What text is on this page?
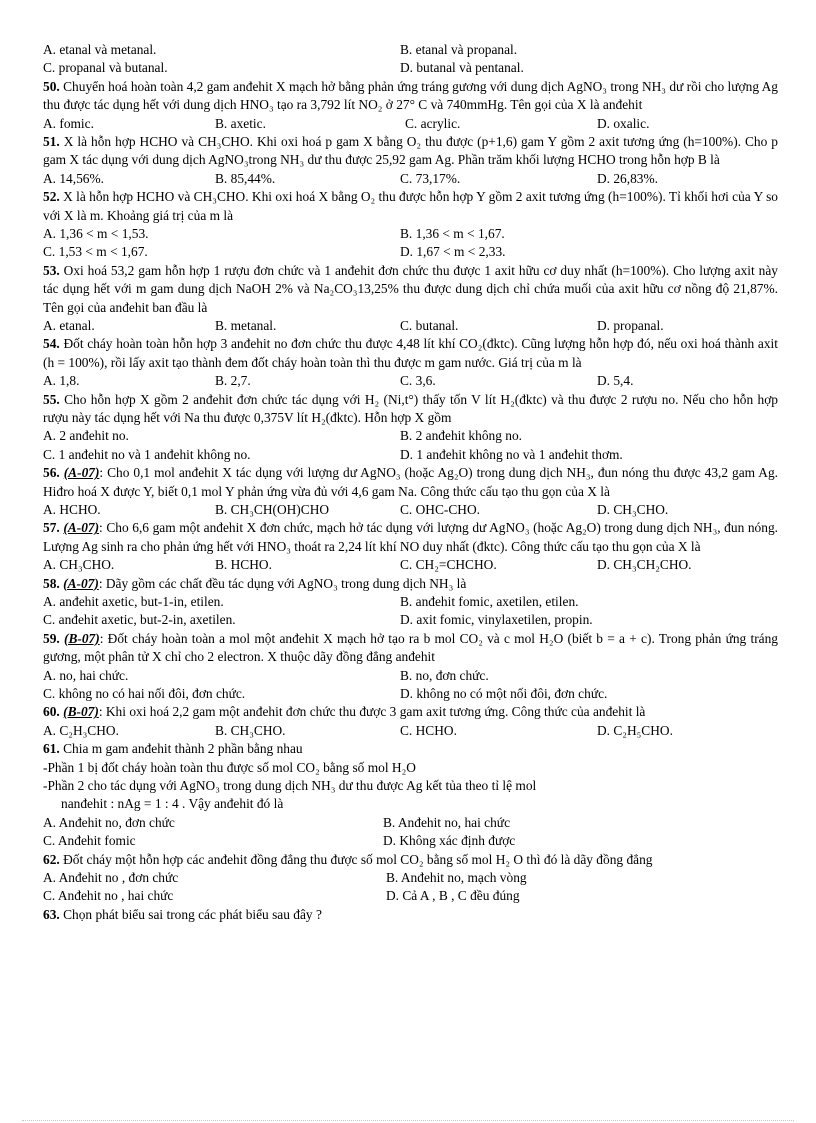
A. etanal và metanal.	B. etanal và propanal.
C. propanal và butanal.	D. butanal và pentanal.
50. Chuyển hoá hoàn toàn 4,2 gam anđehit X mạch hở bằng phản ứng tráng gương với dung dịch AgNO₃ trong NH₃ dư rồi cho lượng Ag thu được tác dụng hết với dung dịch HNO₃ tạo ra 3,792 lít NO₂ ở 27° C và 740mmHg. Tên gọi của X là anđehit
A. fomic.	B. axetic.	C. acrylic.	D. oxalic.
51. X là hỗn hợp HCHO và CH₃CHO. Khi oxi hoá p gam X bằng O₂ thu được (p+1,6) gam Y gồm 2 axit tương ứng (h=100%). Cho p gam X tác dụng với dung dịch AgNO₃trong NH₃ dư thu được 25,92 gam Ag. Phần trăm khối lượng HCHO trong hỗn hợp B là
A. 14,56%.	B. 85,44%.	C. 73,17%.	D. 26,83%.
52. X là hỗn hợp HCHO và CH₃CHO. Khi oxi hoá X bằng O₂ thu được hỗn hợp Y gồm 2 axit tương ứng (h=100%). Tỉ khối hơi của Y so với X là m. Khoảng giá trị của m là
A. 1,36 < m < 1,53.	B. 1,36 < m < 1,67.
C. 1,53 < m < 1,67.	D. 1,67 < m < 2,33.
53. Oxi hoá 53,2 gam hỗn hợp 1 rượu đơn chức và 1 anđehit đơn chức thu được 1 axit hữu cơ duy nhất (h=100%). Cho lượng axit này tác dụng hết với m gam dung dịch NaOH 2% và Na₂CO₃13,25% thu được dung dịch chỉ chứa muối của axit hữu cơ nồng độ 21,87%. Tên gọi của anđehit ban đầu là
A. etanal.	B. metanal.	C. butanal.	D. propanal.
54. Đốt cháy hoàn toàn hỗn hợp 3 anđehit no đơn chức thu được 4,48 lít khí CO₂(đktc). Cũng lượng hỗn hợp đó, nếu oxi hoá thành axit (h = 100%), rồi lấy axit tạo thành đem đốt cháy hoàn toàn thì thu được m gam nước. Giá trị của m là
A. 1,8.	B. 2,7.	C. 3,6.	D. 5,4.
55. Cho hỗn hợp X gồm 2 anđehit đơn chức tác dụng với H₂ (Ni,t°) thấy tốn V lít H₂(đktc) và thu được 2 rượu no. Nếu cho hỗn hợp rượu này tác dụng hết với Na thu được 0,375V lít H₂(đktc). Hỗn hợp X gồm
A. 2 anđehit no.	B. 2 anđehit không no.
C. 1 anđehit no và 1 anđehit không no.	D. 1 anđehit không no và 1 anđehit thơm.
56. (A-07): Cho 0,1 mol anđehit X tác dụng với lượng dư AgNO₃ (hoặc Ag₂O) trong dung dịch NH₃, đun nóng thu được 43,2 gam Ag. Hiđro hoá X được Y, biết 0,1 mol Y phản ứng vừa đủ với 4,6 gam Na. Công thức cấu tạo thu gọn của X là
A. HCHO.	B. CH₃CH(OH)CHO	C. OHC-CHO.	D. CH₃CHO.
57. (A-07): Cho 6,6 gam một anđehit X đơn chức, mạch hở tác dụng với lượng dư AgNO₃ (hoặc Ag₂O) trong dung dịch NH₃, đun nóng. Lượng Ag sinh ra cho phản ứng hết với HNO₃ thoát ra 2,24 lít khí NO duy nhất (đktc). Công thức cấu tạo thu gọn của X là
A. CH₃CHO.	B. HCHO.	C. CH₂=CHCHO.	D. CH₃CH₂CHO.
58. (A-07): Dãy gồm các chất đều tác dụng với AgNO₃ trong dung dịch NH₃ là
A. anđehit axetic, but-1-in, etilen.	B. anđehit fomic, axetilen, etilen.
C. anđehit axetic, but-2-in, axetilen.	D. axit fomic, vinylaxetilen, propin.
59. (B-07): Đốt cháy hoàn toàn a mol một anđehit X mạch hở tạo ra b mol CO₂ và c mol H₂O (biết b = a + c). Trong phản ứng tráng gương, một phân tử X chỉ cho 2 electron. X thuộc dãy đồng đẳng anđehit
A. no, hai chức.	B. no, đơn chức.
C. không no có hai nối đôi, đơn chức.	D. không no có một nối đôi, đơn chức.
60. (B-07): Khi oxi hoá 2,2 gam một anđehit đơn chức thu được 3 gam axit tương ứng. Công thức của anđehit là
A. C₂H₃CHO.	B. CH₃CHO.	C. HCHO.	D. C₂H₅CHO.
61. Chia m gam anđehit thành 2 phần bằng nhau
-Phần 1 bị đốt cháy hoàn toàn thu được số mol CO₂ bằng số mol H₂O
-Phần 2 cho tác dụng với AgNO₃ trong dung dịch NH₃ dư thu được Ag kết tủa theo tỉ lệ mol
nanđehit : nAg = 1 : 4 . Vậy anđehit đó là
A. Anđehit no, đơn chức	B. Anđehit no, hai chức
C. Anđehit fomic	D. Không xác định được
62. Đốt cháy một hỗn hợp các anđehit đồng đẳng thu được số mol CO₂ bằng số mol H₂ O thì đó là dãy đồng đẳng
A. Anđehit no , đơn chức	B. Anđehit no, mạch vòng
C. Anđehit no , hai chức	D. Cả A , B , C đều đúng
63. Chọn phát biểu sai trong các phát biểu sau đây ?
